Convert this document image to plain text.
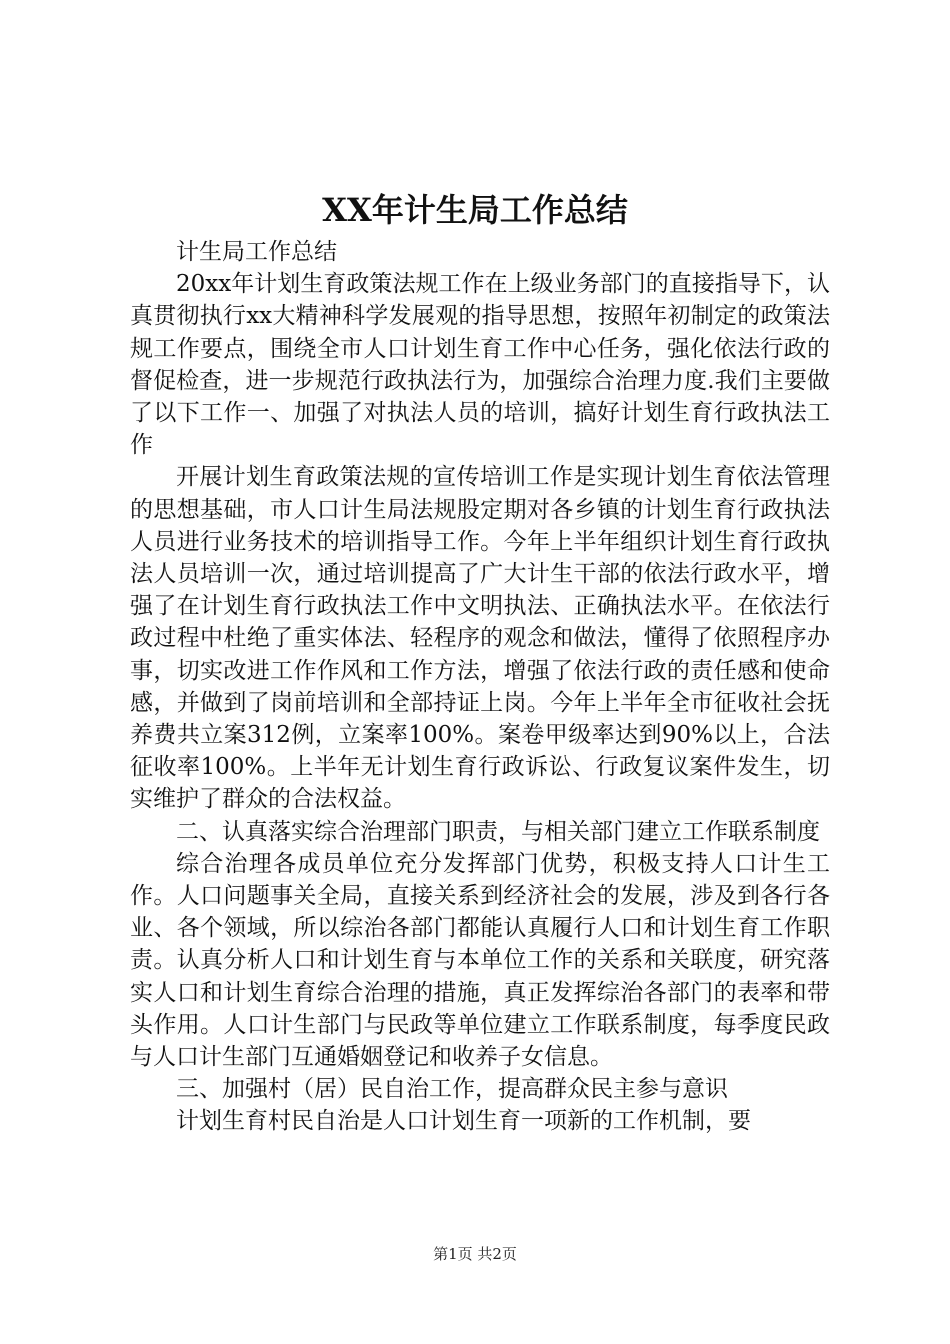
XX年计生局工作总结

计生局工作总结

20xx年计划生育政策法规工作在上级业务部门的直接指导下，认真贯彻执行xx大精神科学发展观的指导思想，按照年初制定的政策法规工作要点，围绕全市人口计划生育工作中心任务，强化依法行政的督促检查，进一步规范行政执法行为，加强综合治理力度.我们主要做了以下工作一、加强了对执法人员的培训，搞好计划生育行政执法工作

开展计划生育政策法规的宣传培训工作是实现计划生育依法管理的思想基础，市人口计生局法规股定期对各乡镇的计划生育行政执法人员进行业务技术的培训指导工作。今年上半年组织计划生育行政执法人员培训一次，通过培训提高了广大计生干部的依法行政水平，增强了在计划生育行政执法工作中文明执法、正确执法水平。在依法行政过程中杜绝了重实体法、轻程序的观念和做法，懂得了依照程序办事，切实改进工作作风和工作方法，增强了依法行政的责任感和使命感，并做到了岗前培训和全部持证上岗。今年上半年全市征收社会抚养费共立案312例，立案率100%。案卷甲级率达到90%以上，合法征收率100%。上半年无计划生育行政诉讼、行政复议案件发生，切实维护了群众的合法权益。

二、认真落实综合治理部门职责，与相关部门建立工作联系制度

综合治理各成员单位充分发挥部门优势，积极支持人口计生工作。人口问题事关全局，直接关系到经济社会的发展，涉及到各行各业、各个领域，所以综治各部门都能认真履行人口和计划生育工作职责。认真分析人口和计划生育与本单位工作的关系和关联度，研究落实人口和计划生育综合治理的措施，真正发挥综治各部门的表率和带头作用。人口计生部门与民政等单位建立工作联系制度，每季度民政与人口计生部门互通婚姻登记和收养子女信息。

三、加强村（居）民自治工作，提高群众民主参与意识

计划生育村民自治是人口计划生育一项新的工作机制，要

第1页 共2页
